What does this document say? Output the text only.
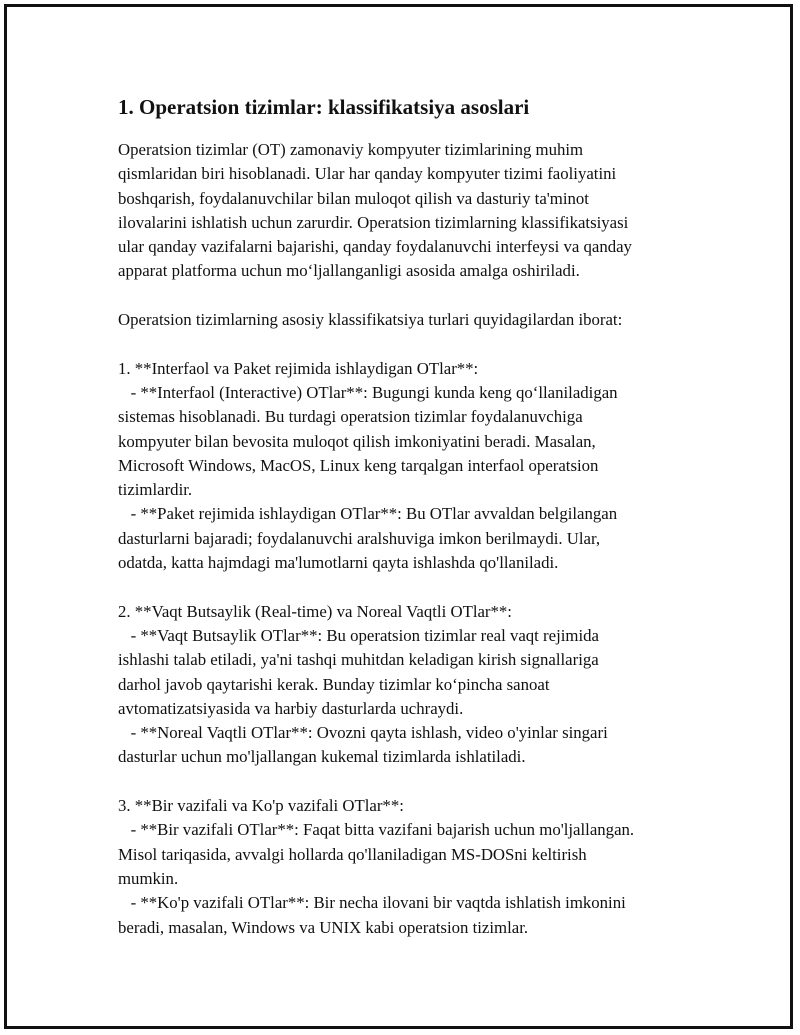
1. Operatsion tizimlar: klassifikatsiya asoslari
Operatsion tizimlar (OT) zamonaviy kompyuter tizimlarining muhim
qismlaridan biri hisoblanadi. Ular har qanday kompyuter tizimi faoliyatini
boshqarish, foydalanuvchilar bilan muloqot qilish va dasturiy ta'minot
ilovalarini ishlatish uchun zarurdir. Operatsion tizimlarning klassifikatsiyasi
ular qanday vazifalarni bajarishi, qanday foydalanuvchi interfeysi va qanday
apparat platforma uchun mo‘ljallanganligi asosida amalga oshiriladi.

Operatsion tizimlarning asosiy klassifikatsiya turlari quyidagilardan iborat:

1. **Interfaol va Paket rejimida ishlaydigan OTlar**:
- **Interfaol (Interactive) OTlar**: Bugungi kunda keng qo‘llaniladigan
sistemas hisoblanadi. Bu turdagi operatsion tizimlar foydalanuvchiga
kompyuter bilan bevosita muloqot qilish imkoniyatini beradi. Masalan,
Microsoft Windows, MacOS, Linux keng tarqalgan interfaol operatsion
tizimlardir.
- **Paket rejimida ishlaydigan OTlar**: Bu OTlar avvaldan belgilangan
dasturlarni bajaradi; foydalanuvchi aralshuviga imkon berilmaydi. Ular,
odatda, katta hajmdagi ma'lumotlarni qayta ishlashda qo'llaniladi.

2. **Vaqt Butsaylik (Real-time) va Noreal Vaqtli OTlar**:
- **Vaqt Butsaylik OTlar**: Bu operatsion tizimlar real vaqt rejimida
ishlashi talab etiladi, ya'ni tashqi muhitdan keladigan kirish signallariga
darhol javob qaytarishi kerak. Bunday tizimlar ko‘pincha sanoat
avtomatizatsiyasida va harbiy dasturlarda uchraydi.
- **Noreal Vaqtli OTlar**: Ovozni qayta ishlash, video o'yinlar singari
dasturlar uchun mo'ljallangan kukemal tizimlarda ishlatiladi.

3. **Bir vazifali va Ko'p vazifali OTlar**:
- **Bir vazifali OTlar**: Faqat bitta vazifani bajarish uchun mo'ljallangan.
Misol tariqasida, avvalgi hollarda qo'llaniladigan MS-DOSni keltirish
mumkin.
- **Ko'p vazifali OTlar**: Bir necha ilovani bir vaqtda ishlatish imkonini
beradi, masalan, Windows va UNIX kabi operatsion tizimlar.
